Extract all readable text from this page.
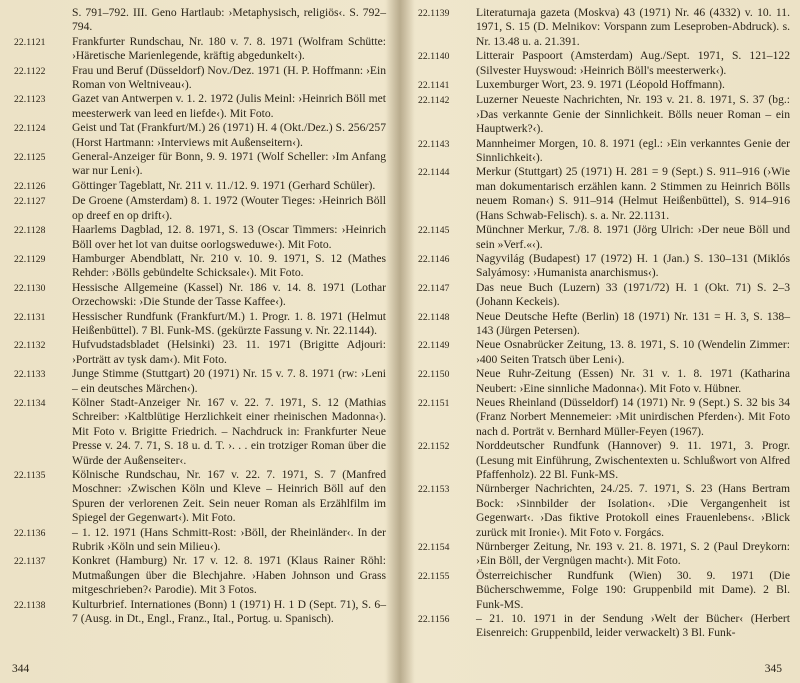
S. 791–792. III. Geno Hartlaub: ›Metaphysisch, religiös‹. S. 792–794.
22.1121	Frankfurter Rundschau, Nr. 180 v. 7. 8. 1971 (Wolfram Schütte: ›Häretische Marienlegende, kräftig abgedunkelt‹).
22.1122	Frau und Beruf (Düsseldorf) Nov./Dez. 1971 (H. P. Hoffmann: ›Ein Roman von Weltniveau‹).
22.1123	Gazet van Antwerpen v. 1. 2. 1972 (Julis Meinl: ›Heinrich Böll met meesterwerk van leed en liefde‹). Mit Foto.
22.1124	Geist und Tat (Frankfurt/M.) 26 (1971) H. 4 (Okt./Dez.) S. 256/257 (Horst Hartmann: ›Interviews mit Außenseitern‹).
22.1125	General-Anzeiger für Bonn, 9. 9. 1971 (Wolf Scheller: ›Im Anfang war nur Leni‹).
22.1126	Göttinger Tageblatt, Nr. 211 v. 11./12. 9. 1971 (Gerhard Schüler).
22.1127	De Groene (Amsterdam) 8. 1. 1972 (Wouter Tieges: ›Heinrich Böll op dreef en op drift‹).
22.1128	Haarlems Dagblad, 12. 8. 1971, S. 13 (Oscar Timmers: ›Heinrich Böll over het lot van duitse oorlogsweduwe‹). Mit Foto.
22.1129	Hamburger Abendblatt, Nr. 210 v. 10. 9. 1971, S. 12 (Mathes Rehder: ›Bölls gebündelte Schicksale‹). Mit Foto.
22.1130	Hessische Allgemeine (Kassel) Nr. 186 v. 14. 8. 1971 (Lothar Orzechowski: ›Die Stunde der Tasse Kaffee‹).
22.1131	Hessischer Rundfunk (Frankfurt/M.) 1. Progr. 1. 8. 1971 (Helmut Heißenbüttel). 7 Bl. Funk-MS. (gekürzte Fassung v. Nr. 22.1144).
22.1132	Hufvudstadsbladet (Helsinki) 23. 11. 1971 (Brigitte Adjouri: ›Porträtt av tysk dam‹). Mit Foto.
22.1133	Junge Stimme (Stuttgart) 20 (1971) Nr. 15 v. 7. 8. 1971 (rw: ›Leni – ein deutsches Märchen‹).
22.1134	Kölner Stadt-Anzeiger Nr. 167 v. 22. 7. 1971, S. 12 (Mathias Schreiber: ›Kaltblütige Herzlichkeit einer rheinischen Madonna‹). Mit Foto v. Brigitte Friedrich. – Nachdruck in: Frankfurter Neue Presse v. 24. 7. 71, S. 18 u. d. T. ›. . . ein trotziger Roman über die Würde der Außenseiter‹.
22.1135	Kölnische Rundschau, Nr. 167 v. 22. 7. 1971, S. 7 (Manfred Moschner: ›Zwischen Köln und Kleve – Heinrich Böll auf den Spuren der verlorenen Zeit. Sein neuer Roman als Erzählfilm im Spiegel der Gegenwart‹). Mit Foto.
22.1136	– 1. 12. 1971 (Hans Schmitt-Rost: ›Böll, der Rheinländer‹. In der Rubrik ›Köln und sein Milieu‹).
22.1137	Konkret (Hamburg) Nr. 17 v. 12. 8. 1971 (Klaus Rainer Röhl: Mutmaßungen über die Blechjahre. ›Haben Johnson und Grass mitgeschrieben?‹ Parodie). Mit 3 Fotos.
22.1138	Kulturbrief. Internationes (Bonn) 1 (1971) H. 1 D (Sept. 71), S. 6–7 (Ausg. in Dt., Engl., Franz., Ital., Portug. u. Spanisch).
344
22.1139	Literaturnaja gazeta (Moskva) 43 (1971) Nr. 46 (4332) v. 10. 11. 1971, S. 15 (D. Melnikov: Vorspann zum Leseproben-Abdruck). s. Nr. 13.48 u. a. 21.391.
22.1140	Litterair Paspoort (Amsterdam) Aug./Sept. 1971, S. 121–122 (Silvester Huyswoud: ›Heinrich Böll's meesterwerk‹).
22.1141	Luxemburger Wort, 23. 9. 1971 (Léopold Hoffmann).
22.1142	Luzerner Neueste Nachrichten, Nr. 193 v. 21. 8. 1971, S. 37 (bg.: ›Das verkannte Genie der Sinnlichkeit. Bölls neuer Roman – ein Hauptwerk?‹).
22.1143	Mannheimer Morgen, 10. 8. 1971 (egl.: ›Ein verkanntes Genie der Sinnlichkeit‹).
22.1144	Merkur (Stuttgart) 25 (1971) H. 281 = 9 (Sept.) S. 911–916 (›Wie man dokumentarisch erzählen kann. 2 Stimmen zu Heinrich Bölls neuem Roman‹) S. 911–914 (Helmut Heißenbüttel), S. 914–916 (Hans Schwab-Felisch). s. a. Nr. 22.1131.
22.1145	Münchner Merkur, 7./8. 8. 1971 (Jörg Ulrich: ›Der neue Böll und sein »Verf.«‹).
22.1146	Nagyvilág (Budapest) 17 (1972) H. 1 (Jan.) S. 130–131 (Miklós Salyámosy: ›Humanista anarchismus‹).
22.1147	Das neue Buch (Luzern) 33 (1971/72) H. 1 (Okt. 71) S. 2–3 (Johann Keckeis).
22.1148	Neue Deutsche Hefte (Berlin) 18 (1971) Nr. 131 = H. 3, S. 138–143 (Jürgen Petersen).
22.1149	Neue Osnabrücker Zeitung, 13. 8. 1971, S. 10 (Wendelin Zimmer: ›400 Seiten Tratsch über Leni‹).
22.1150	Neue Ruhr-Zeitung (Essen) Nr. 31 v. 1. 8. 1971 (Katharina Neubert: ›Eine sinnliche Madonna‹). Mit Foto v. Hübner.
22.1151	Neues Rheinland (Düsseldorf) 14 (1971) Nr. 9 (Sept.) S. 32 bis 34 (Franz Norbert Mennemeier: ›Mit unirdischen Pferden‹). Mit Foto nach d. Porträt v. Bernhard Müller-Feyen (1967).
22.1152	Norddeutscher Rundfunk (Hannover) 9. 11. 1971, 3. Progr. (Lesung mit Einführung, Zwischentexten u. Schlußwort von Alfred Pfaffenholz). 22 Bl. Funk-MS.
22.1153	Nürnberger Nachrichten, 24./25. 7. 1971, S. 23 (Hans Bertram Bock: ›Sinnbilder der Isolation‹. ›Die Vergangenheit ist Gegenwart‹. ›Das fiktive Protokoll eines Frauenlebens‹. ›Blick zurück mit Ironie‹). Mit Foto v. Forgács.
22.1154	Nürnberger Zeitung, Nr. 193 v. 21. 8. 1971, S. 2 (Paul Dreykorn: ›Ein Böll, der Vergnügen macht‹). Mit Foto.
22.1155	Österreichischer Rundfunk (Wien) 30. 9. 1971 (Die Bücherschwemme, Folge 190: Gruppenbild mit Dame). 2 Bl. Funk-MS.
22.1156	– 21. 10. 1971 in der Sendung ›Welt der Bücher‹ (Herbert Eisenreich: Gruppenbild, leider verwackelt) 3 Bl. Funk-
345
